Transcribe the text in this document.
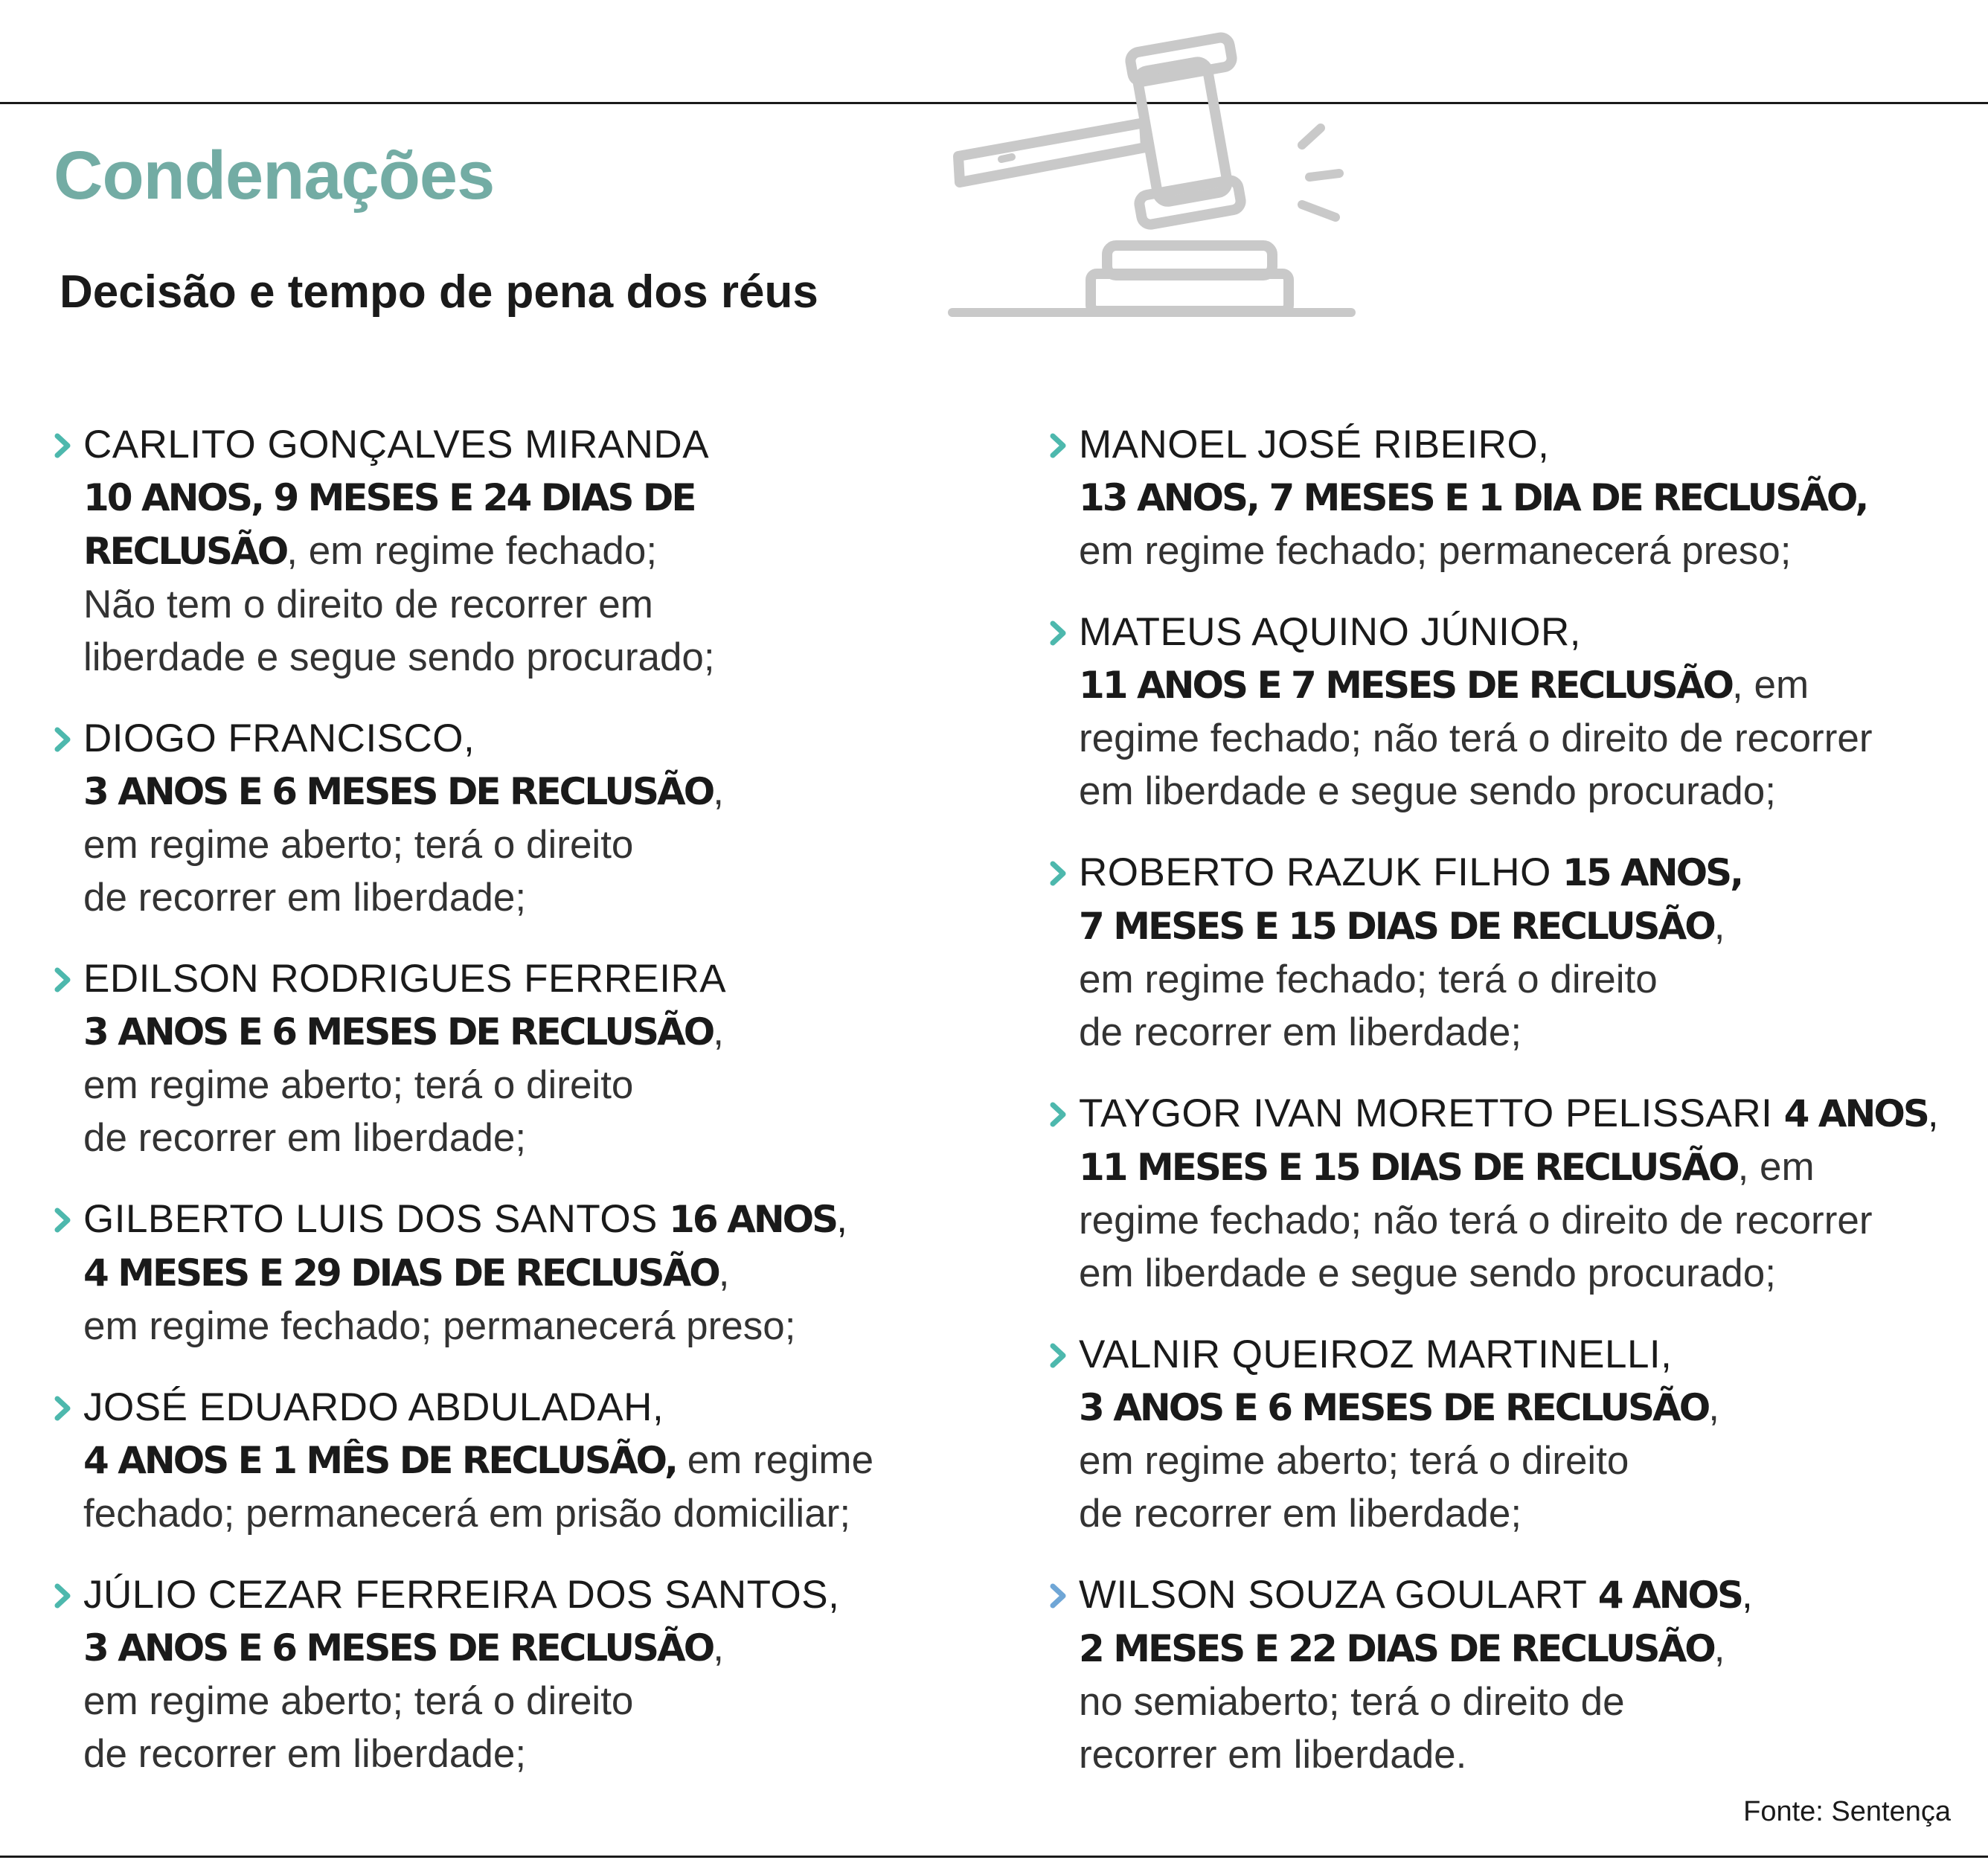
Condenações
Decisão e tempo de pena dos réus
CARLITO GONÇALVES MIRANDA
10 ANOS, 9 MESES E 24 DIAS DE
RECLUSÃO, em regime fechado;
Não tem o direito de recorrer em
liberdade e segue sendo procurado;
DIOGO FRANCISCO,
3 ANOS E 6 MESES DE RECLUSÃO,
em regime aberto; terá o direito
de recorrer em liberdade;
EDILSON RODRIGUES FERREIRA
3 ANOS E 6 MESES DE RECLUSÃO,
em regime aberto; terá o direito
de recorrer em liberdade;
GILBERTO LUIS DOS SANTOS 16 ANOS,
4 MESES E 29 DIAS DE RECLUSÃO,
em regime fechado; permanecerá preso;
JOSÉ EDUARDO ABDULADAH,
4 ANOS E 1 MÊS DE RECLUSÃO, em regime
fechado; permanecerá em prisão domiciliar;
JÚLIO CEZAR FERREIRA DOS SANTOS,
3 ANOS E 6 MESES DE RECLUSÃO,
em regime aberto; terá o direito
de recorrer em liberdade;
MANOEL JOSÉ RIBEIRO,
13 ANOS, 7 MESES E 1 DIA DE RECLUSÃO,
em regime fechado; permanecerá preso;
MATEUS AQUINO JÚNIOR,
11 ANOS E 7 MESES DE RECLUSÃO, em
regime fechado; não terá o direito de recorrer
em liberdade e segue sendo procurado;
ROBERTO RAZUK FILHO 15 ANOS,
7 MESES E 15 DIAS DE RECLUSÃO,
em regime fechado; terá o direito
de recorrer em liberdade;
TAYGOR IVAN MORETTO PELISSARI 4 ANOS,
11 MESES E 15 DIAS DE RECLUSÃO, em
regime fechado; não terá o direito de recorrer
em liberdade e segue sendo procurado;
VALNIR QUEIROZ MARTINELLI,
3 ANOS E 6 MESES DE RECLUSÃO,
em regime aberto; terá o direito
de recorrer em liberdade;
WILSON SOUZA GOULART 4 ANOS,
2 MESES E 22 DIAS DE RECLUSÃO,
no semiaberto; terá o direito de
recorrer em liberdade.
Fonte: Sentença
